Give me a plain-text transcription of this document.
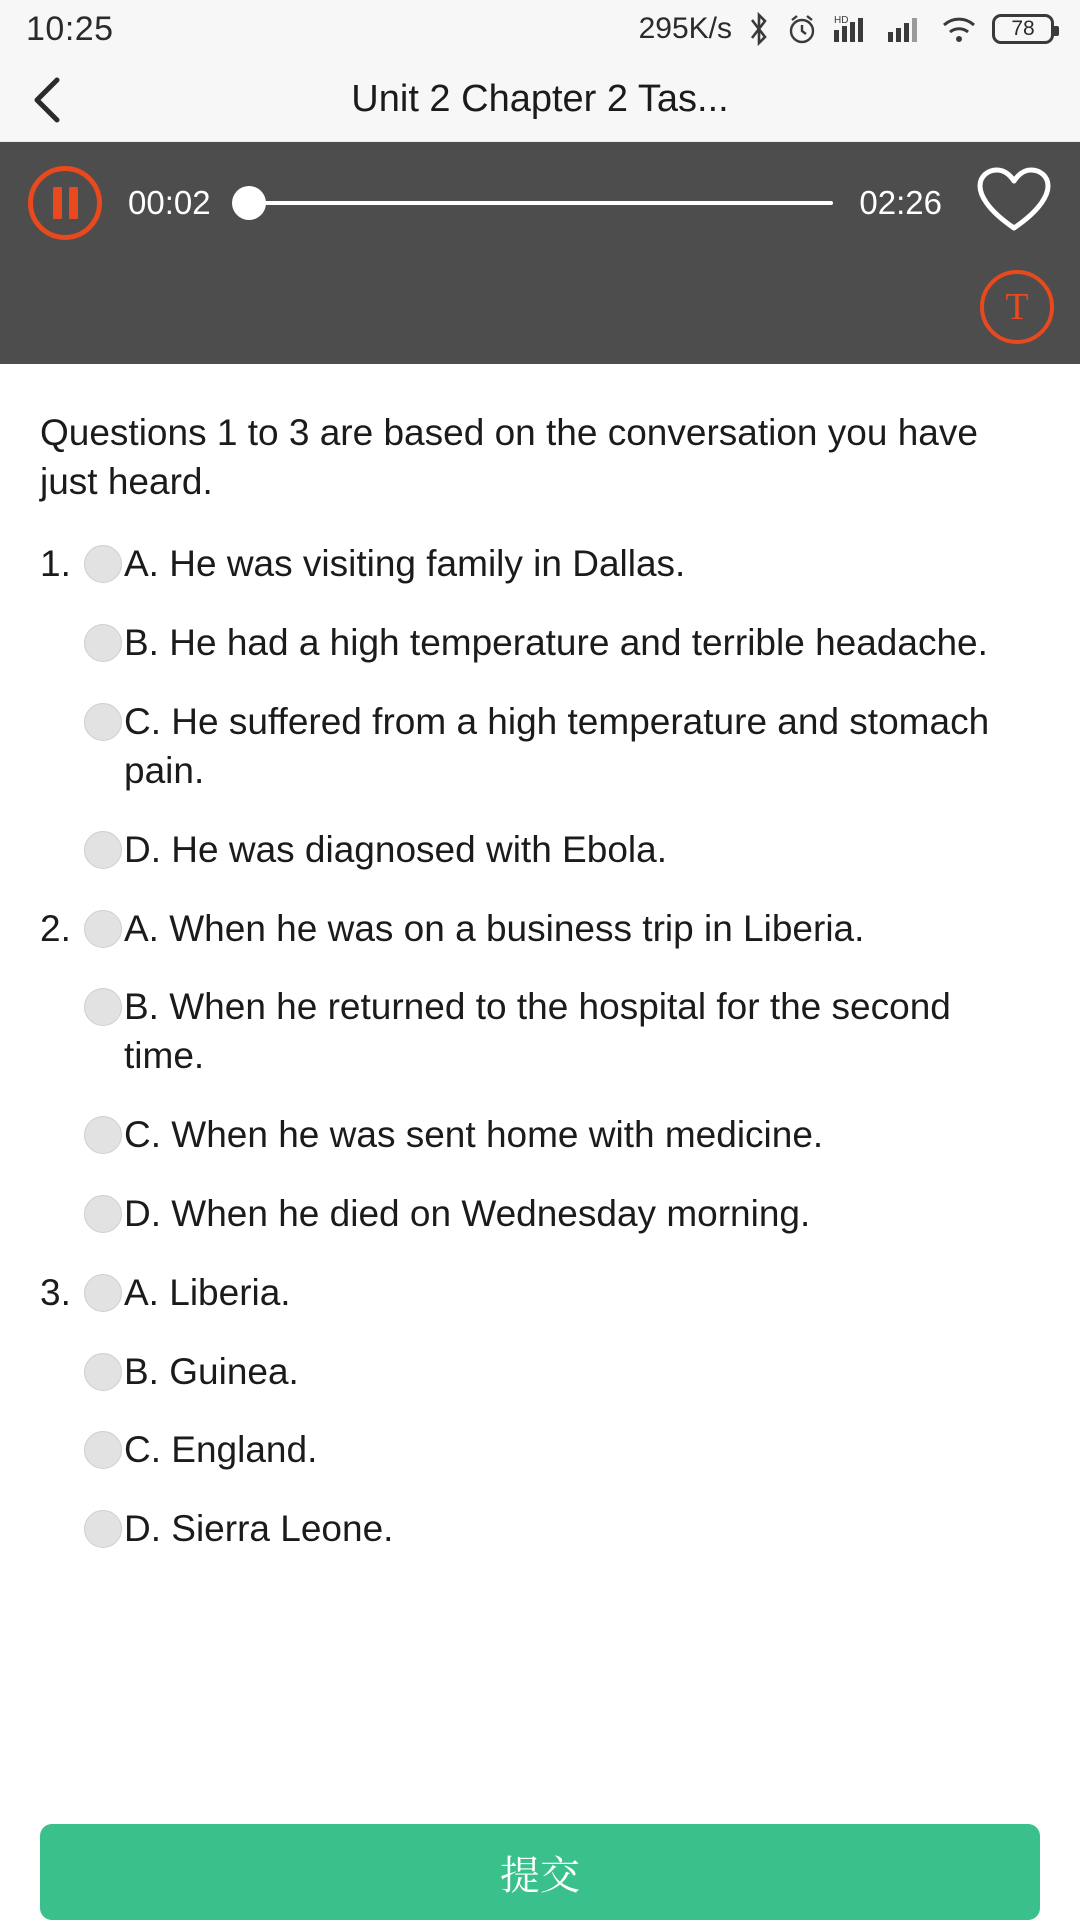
10:25	295K/s	HD	78
Unit 2 Chapter 2 Tas...
00:02	02:26
T
Questions 1 to 3 are based on the conversation you have just heard.
1.	A. He was visiting family in Dallas.
B. He had a high temperature and terrible headache.
C. He suffered from a high temperature and stomach pain.
D. He was diagnosed with Ebola.
2.	A. When he was on a business trip in Liberia.
B. When he returned to the hospital for the second time.
C. When he was sent home with medicine.
D. When he died on Wednesday morning.
3.	A. Liberia.
B. Guinea.
C. England.
D. Sierra Leone.
提交
